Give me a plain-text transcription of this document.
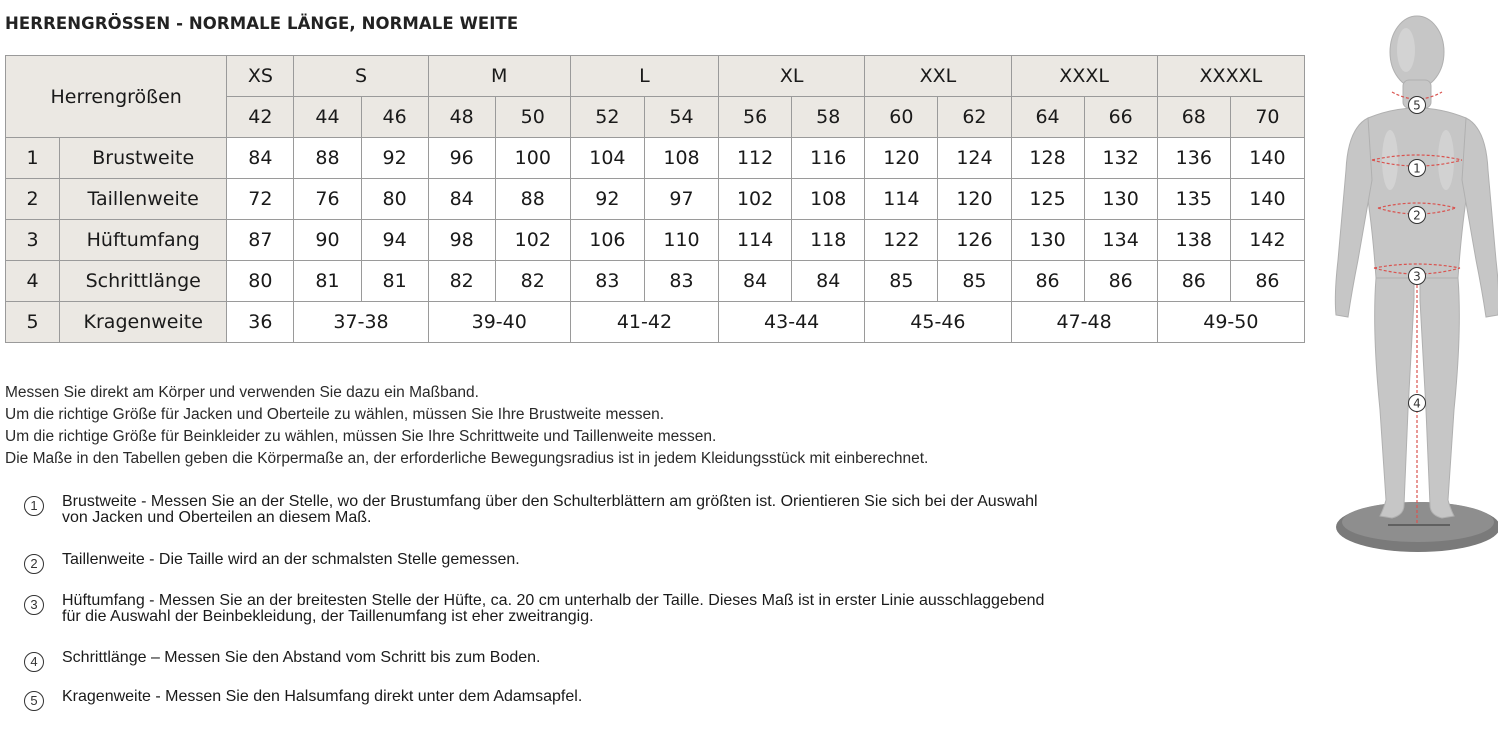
HERRENGRÖSSEN - NORMALE LÄNGE, NORMALE WEITE
Herrengrößen		XS	S		M		L		XL		XXL		XXXL		XXXXL	
		42	44	46	48	50	52	54	56	58	60	62	64	66	68	70
1	Brustweite	84	88	92	96	100	104	108	112	116	120	124	128	132	136	140
2	Taillenweite	72	76	80	84	88	92	97	102	108	114	120	125	130	135	140
3	Hüftumfang	87	90	94	98	102	106	110	114	118	122	126	130	134	138	142
4	Schrittlänge	80	81	81	82	82	83	83	84	84	85	85	86	86	86	86
5	Kragenweite	36	37-38		39-40		41-42		43-44		45-46		47-48		49-50	
Messen Sie direkt am Körper und verwenden Sie dazu ein Maßband.
Um die richtige Größe für Jacken und Oberteile zu wählen, müssen Sie Ihre Brustweite messen.
Um die richtige Größe für Beinkleider zu wählen, müssen Sie Ihre Schrittweite und Taillenweite messen.
Die Maße in den Tabellen geben die Körpermaße an, der erforderliche Bewegungsradius ist in jedem Kleidungsstück mit einberechnet.
1	Brustweite - Messen Sie an der Stelle, wo der Brustumfang über den Schulterblättern am größten ist. Orientieren Sie sich bei der Auswahl
von Jacken und Oberteilen an diesem Maß.
2	Taillenweite - Die Taille wird an der schmalsten Stelle gemessen.
3	Hüftumfang - Messen Sie an der breitesten Stelle der Hüfte, ca. 20 cm unterhalb der Taille. Dieses Maß ist in erster Linie ausschlaggebend
für die Auswahl der Beinbekleidung, der Taillenumfang ist eher zweitrangig.
4	Schrittlänge – Messen Sie den Abstand vom Schritt bis zum Boden.
5	Kragenweite - Messen Sie den Halsumfang direkt unter dem Adamsapfel.
5
1
2
3
4
